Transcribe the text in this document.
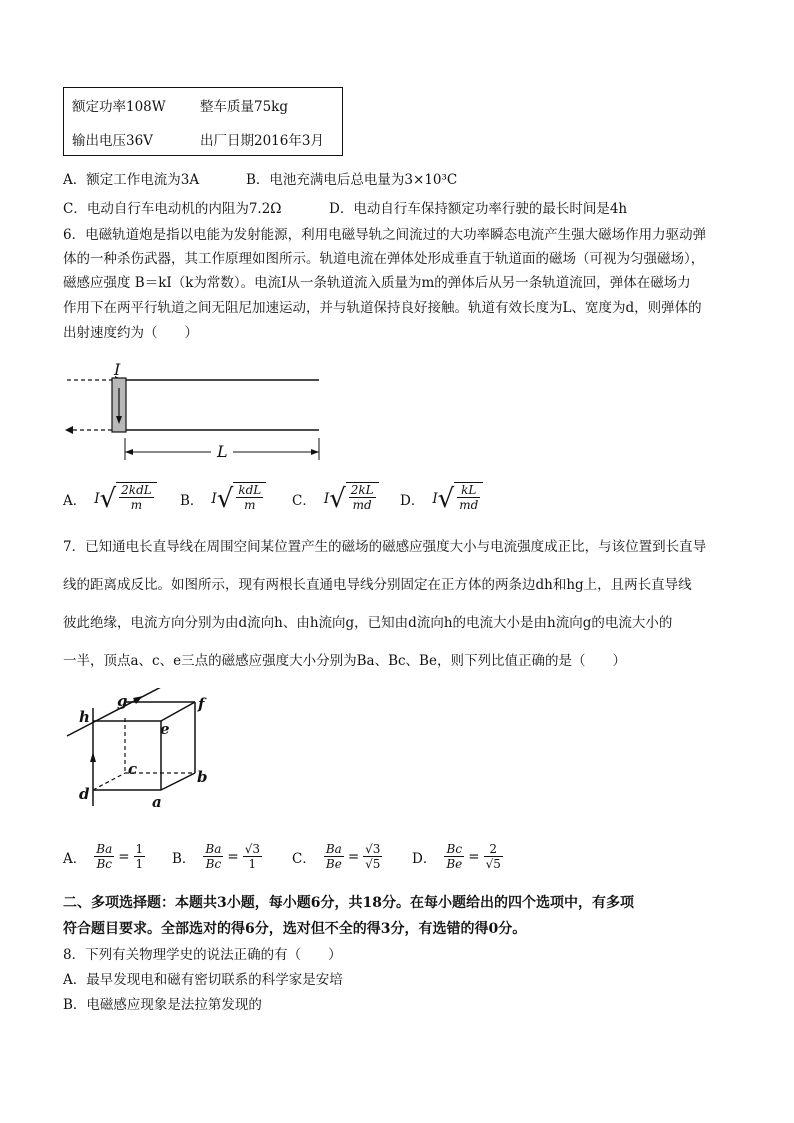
额定功率108W	整车质量75kg
输出电压36V	出厂日期2016年3月
A．额定工作电流为3A	B．电池充满电后总电量为3×10³C
C．电动自行车电动机的内阻为7.2Ω	D．电动自行车保持额定功率行驶的最长时间是4h
6．电磁轨道炮是指以电能为发射能源，利用电磁导轨之间流过的大功率瞬态电流产生强大磁场作用力驱动弹
体的一种杀伤武器，其工作原理如图所示。轨道电流在弹体处形成垂直于轨道面的磁场（可视为匀强磁场），
磁感应强度 B＝kI（k为常数）。电流I从一条轨道流入质量为m的弹体后从另一条轨道流回，弹体在磁场力
作用下在两平行轨道之间无阻尼加速运动，并与轨道保持良好接触。轨道有效长度为L、宽度为d，则弹体的
出射速度约为（　　）
I
L
A． I √ $\frac{\text{2kdL}}{m}$ B． I √ $\frac{\text{kdL}}{m}$ C． I √ $\frac{2kL}{md}$ D． I √ $\frac{kL}{md}$
7．已知通电长直导线在周围空间某位置产生的磁场的磁感应强度大小与电流强度成正比，与该位置到长直导
线的距离成反比。如图所示，现有两根长直通电导线分别固定在正方体的两条边dh和hg上，且两长直导线
彼此绝缘，电流方向分别为由d流向h、由h流向g，已知由d流向h的电流大小是由h流向g的电流大小的
一半，顶点a、c、e三点的磁感应强度大小分别为Ba、Bc、Be，则下列比值正确的是（　　）
h
g	f
e
c	b
d	a
A． $\frac{Ba}{Bc} = \frac{1}{1}$ B． $\frac{Ba}{Bc} = \frac{√3}{1}$ C． $\frac{Ba}{Be} = \frac{√3}{√5}$ D． $\frac{Bc}{Be} = \frac{2}{√5}$
二、多项选择题：本题共3小题，每小题6分，共18分。在每小题给出的四个选项中，有多项
符合题目要求。全部选对的得6分，选对但不全的得3分，有选错的得0分。
8．下列有关物理学史的说法正确的有（　　）
A．最早发现电和磁有密切联系的科学家是安培
B．电磁感应现象是法拉第发现的
